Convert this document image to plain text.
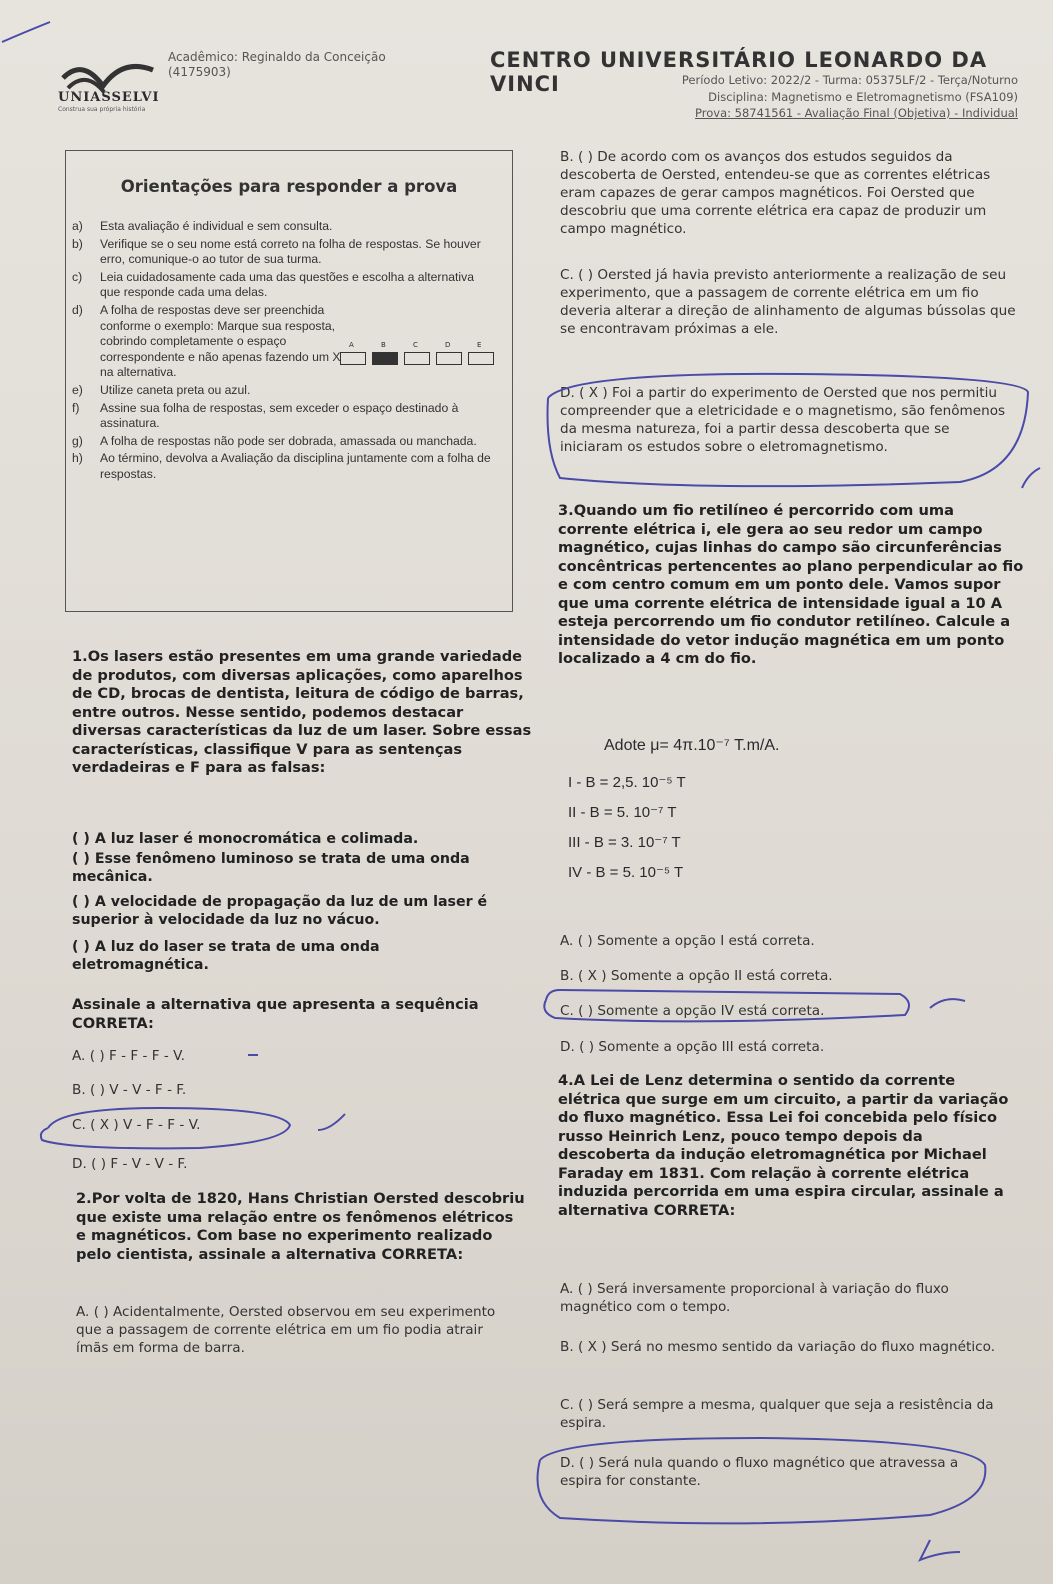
UNIASSELVI
Construa sua própria história
Acadêmico: Reginaldo da Conceição
(4175903)	CENTRO UNIVERSITÁRIO LEONARDO DA VINCI	Período Letivo: 2022/2 - Turma: 05375LF/2 - Terça/Noturno
Disciplina: Magnetismo e Eletromagnetismo (FSA109)
Prova: 58741561 - Avaliação Final (Objetiva) - Individual
Orientações para responder a prova
a) Esta avaliação é individual e sem consulta.
b) Verifique se o seu nome está correto na folha de respostas. Se houver erro, comunique-o ao tutor de sua turma.
c) Leia cuidadosamente cada uma das questões e escolha a alternativa que responde cada uma delas.
d) A folha de respostas deve ser preenchida conforme o exemplo: Marque sua resposta, cobrindo completamente o espaço correspondente e não apenas fazendo um X na alternativa.
e) Utilize caneta preta ou azul.
f) Assine sua folha de respostas, sem exceder o espaço destinado à assinatura.
g) A folha de respostas não pode ser dobrada, amassada ou manchada.
h) Ao término, devolva a Avaliação da disciplina juntamente com a folha de respostas.
A	B	C	D	E
1.Os lasers estão presentes em uma grande variedade de produtos, com diversas aplicações, como aparelhos de CD, brocas de dentista, leitura de código de barras, entre outros. Nesse sentido, podemos destacar diversas características da luz de um laser. Sobre essas características, classifique V para as sentenças verdadeiras e F para as falsas:
( ) A luz laser é monocromática e colimada.
( ) Esse fenômeno luminoso se trata de uma onda mecânica.
( ) A velocidade de propagação da luz de um laser é superior à velocidade da luz no vácuo.
( ) A luz do laser se trata de uma onda eletromagnética.
Assinale a alternativa que apresenta a sequência CORRETA:
A. ( ) F - F - F - V.
B. ( ) V - V - F - F.
C. ( X ) V - F - F - V.
D. ( ) F - V - V - F.
2.Por volta de 1820, Hans Christian Oersted descobriu que existe uma relação entre os fenômenos elétricos e magnéticos. Com base no experimento realizado pelo cientista, assinale a alternativa CORRETA:
A. ( ) Acidentalmente, Oersted observou em seu experimento que a passagem de corrente elétrica em um fio podia atrair ímãs em forma de barra.
B. ( ) De acordo com os avanços dos estudos seguidos da descoberta de Oersted, entendeu-se que as correntes elétricas eram capazes de gerar campos magnéticos. Foi Oersted que descobriu que uma corrente elétrica era capaz de produzir um campo magnético.
C. ( ) Oersted já havia previsto anteriormente a realização de seu experimento, que a passagem de corrente elétrica em um fio deveria alterar a direção de alinhamento de algumas bússolas que se encontravam próximas a ele.
D. ( X ) Foi a partir do experimento de Oersted que nos permitiu compreender que a eletricidade e o magnetismo, são fenômenos da mesma natureza, foi a partir dessa descoberta que se iniciaram os estudos sobre o eletromagnetismo.
3.Quando um fio retilíneo é percorrido com uma corrente elétrica i, ele gera ao seu redor um campo magnético, cujas linhas do campo são circunferências concêntricas pertencentes ao plano perpendicular ao fio e com centro comum em um ponto dele. Vamos supor que uma corrente elétrica de intensidade igual a 10 A esteja percorrendo um fio condutor retilíneo. Calcule a intensidade do vetor indução magnética em um ponto localizado a 4 cm do fio.
Adote μ= 4π.10⁻⁷ T.m/A.
I - B = 2,5. 10⁻⁵ T
II - B = 5. 10⁻⁷ T
III - B = 3. 10⁻⁷ T
IV - B = 5. 10⁻⁵ T
A. ( ) Somente a opção I está correta.
B. ( X ) Somente a opção II está correta.
C. ( ) Somente a opção IV está correta.
D. ( ) Somente a opção III está correta.
4.A Lei de Lenz determina o sentido da corrente elétrica que surge em um circuito, a partir da variação do fluxo magnético. Essa Lei foi concebida pelo físico russo Heinrich Lenz, pouco tempo depois da descoberta da indução eletromagnética por Michael Faraday em 1831. Com relação à corrente elétrica induzida percorrida em uma espira circular, assinale a alternativa CORRETA:
A. ( ) Será inversamente proporcional à variação do fluxo magnético com o tempo.
B. ( X ) Será no mesmo sentido da variação do fluxo magnético.
C. ( ) Será sempre a mesma, qualquer que seja a resistência da espira.
D. ( ) Será nula quando o fluxo magnético que atravessa a espira for constante.
